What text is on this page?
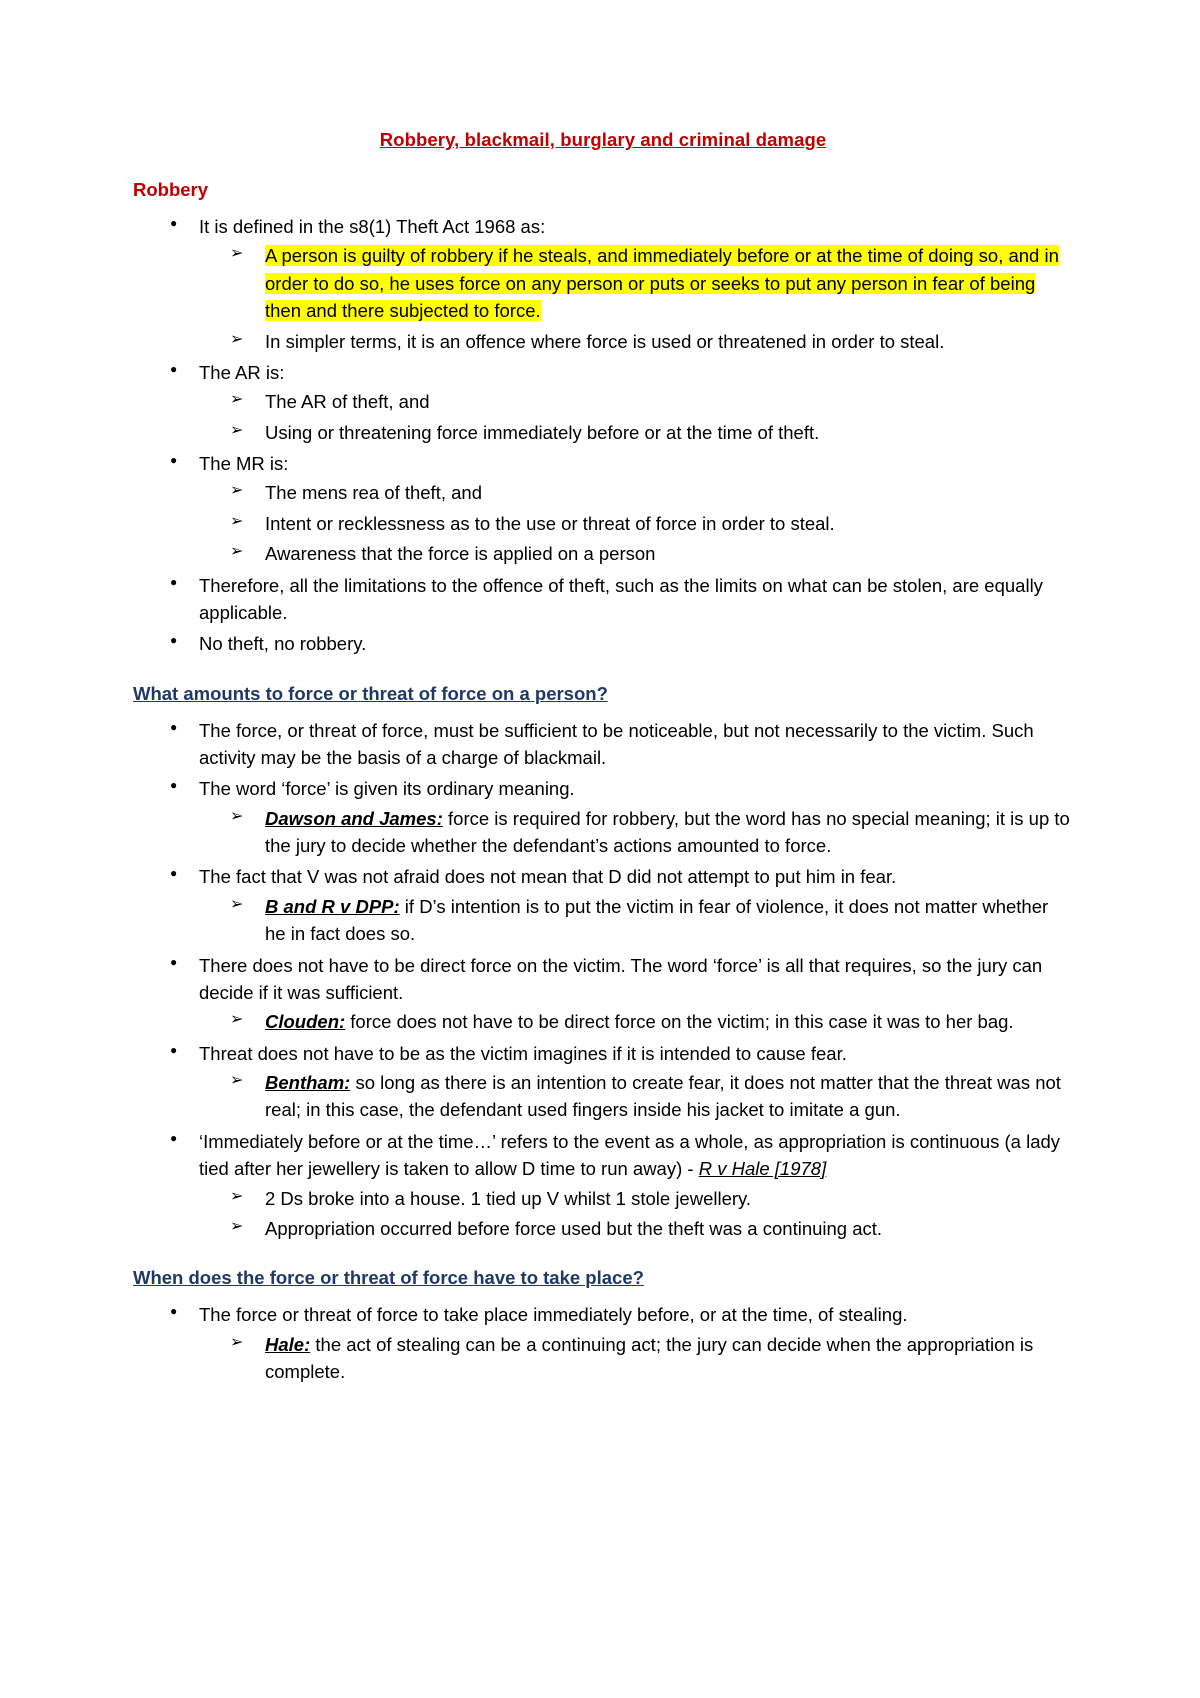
Robbery, blackmail, burglary and criminal damage
Robbery
● It is defined in the s8(1) Theft Act 1968 as:
➢ A person is guilty of robbery if he steals, and immediately before or at the time of doing so, and in order to do so, he uses force on any person or puts or seeks to put any person in fear of being then and there subjected to force.
➢ In simpler terms, it is an offence where force is used or threatened in order to steal.
● The AR is:
➢ The AR of theft, and
➢ Using or threatening force immediately before or at the time of theft.
● The MR is:
➢ The mens rea of theft, and
➢ Intent or recklessness as to the use or threat of force in order to steal.
➢ Awareness that the force is applied on a person
● Therefore, all the limitations to the offence of theft, such as the limits on what can be stolen, are equally applicable.
● No theft, no robbery.
What amounts to force or threat of force on a person?
● The force, or threat of force, must be sufficient to be noticeable, but not necessarily to the victim. Such activity may be the basis of a charge of blackmail.
● The word ‘force’ is given its ordinary meaning.
➢ Dawson and James: force is required for robbery, but the word has no special meaning; it is up to the jury to decide whether the defendant’s actions amounted to force.
● The fact that V was not afraid does not mean that D did not attempt to put him in fear.
➢ B and R v DPP: if D’s intention is to put the victim in fear of violence, it does not matter whether he in fact does so.
● There does not have to be direct force on the victim. The word ‘force’ is all that requires, so the jury can decide if it was sufficient.
➢ Clouden: force does not have to be direct force on the victim; in this case it was to her bag.
● Threat does not have to be as the victim imagines if it is intended to cause fear.
➢ Bentham: so long as there is an intention to create fear, it does not matter that the threat was not real; in this case, the defendant used fingers inside his jacket to imitate a gun.
● ‘Immediately before or at the time…’ refers to the event as a whole, as appropriation is continuous (a lady tied after her jewellery is taken to allow D time to run away) - R v Hale [1978]
➢ 2 Ds broke into a house. 1 tied up V whilst 1 stole jewellery.
➢ Appropriation occurred before force used but the theft was a continuing act.
When does the force or threat of force have to take place?
● The force or threat of force to take place immediately before, or at the time, of stealing.
➢ Hale: the act of stealing can be a continuing act; the jury can decide when the appropriation is complete.
